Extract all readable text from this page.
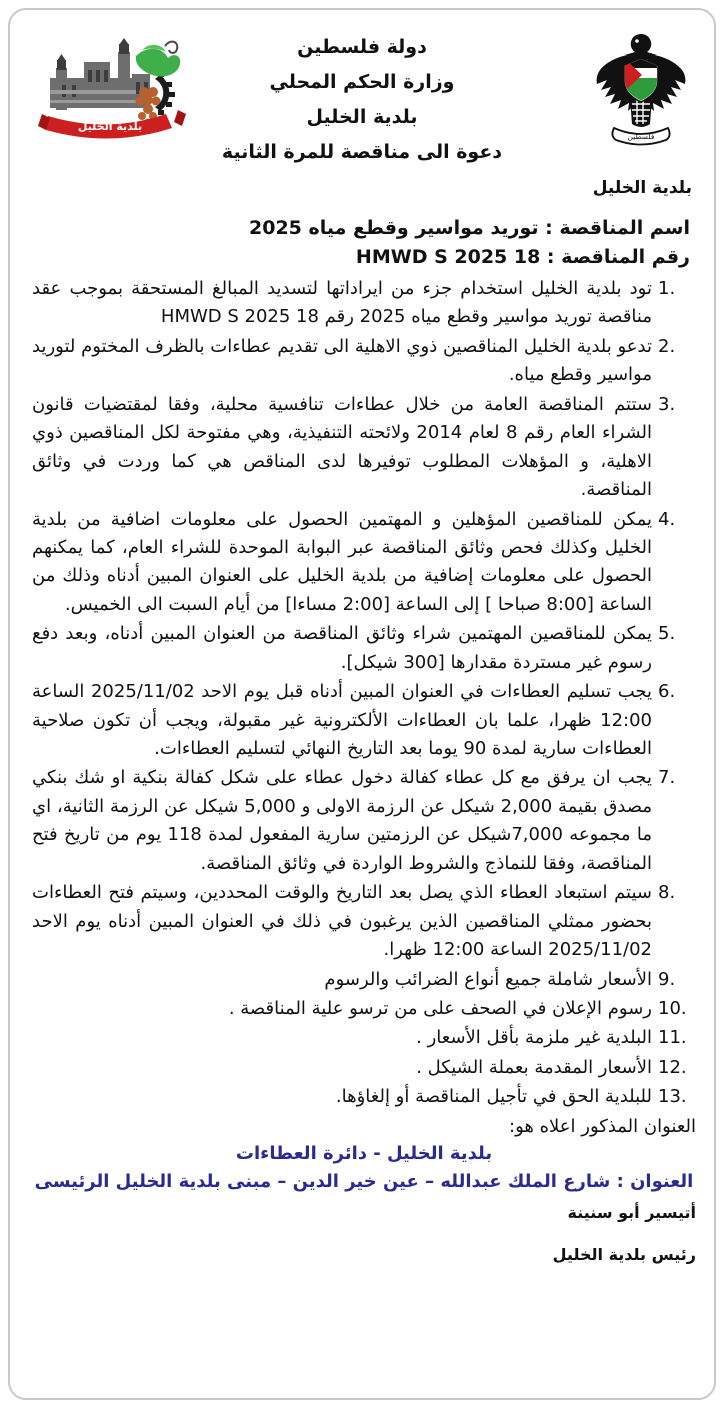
بلدية الخليل
فلسطين
دولة فلسطين
وزارة الحكم المحلي
بلدية الخليل
دعوة الى مناقصة للمرة الثانية
بلدية الخليل
اسم المناقصة : توريد مواسير وقطع مياه 2025
رقم المناقصة : HMWD S 2025 18
1.
تود بلدية الخليل استخدام جزء من ايراداتها لتسديد المبالغ المستحقة بموجب عقد مناقصة توريد مواسير وقطع مياه 2025 رقم HMWD S 2025 18
2.
تدعو بلدية الخليل المناقصين ذوي الاهلية الى تقديم عطاءات بالظرف المختوم لتوريد مواسير وقطع مياه.
3.
ستتم المناقصة العامة من خلال عطاءات تنافسية محلية، وفقا لمقتضيات قانون الشراء العام رقم 8 لعام 2014 ولائحته التنفيذية، وهي مفتوحة لكل المناقصين ذوي الاهلية، و المؤهلات المطلوب توفيرها لدى المناقص هي كما وردت في وثائق المناقصة.
4.
يمكن للمناقصين المؤهلين و المهتمين الحصول على معلومات اضافية من بلدية الخليل وكذلك فحص وثائق المناقصة عبر البوابة الموحدة للشراء العام، كما يمكنهم الحصول على معلومات إضافية من بلدية الخليل على العنوان المبين أدناه وذلك من الساعة [8:00 صباحا ] إلى الساعة [2:00 مساءا] من أيام السبت الى الخميس.
5.
يمكن للمناقصين المهتمين شراء وثائق المناقصة من العنوان المبين أدناه، وبعد دفع رسوم غير مستردة مقدارها [300 شيكل].
6.
يجب تسليم العطاءات في العنوان المبين أدناه قبل يوم الاحد 2025/11/02 الساعة 12:00 ظهرا، علما بان العطاءات الألكترونية غير مقبولة، ويجب أن تكون صلاحية العطاءات سارية لمدة 90 يوما بعد التاريخ النهائي لتسليم العطاءات.
7.
يجب ان يرفق مع كل عطاء كفالة دخول عطاء على شكل كفالة بنكية او شك بنكي مصدق بقيمة 2,000 شيكل عن الرزمة الاولى و 5,000 شيكل عن الرزمة الثانية، اي ما مجموعه 7,000شيكل عن الرزمتين سارية المفعول لمدة 118 يوم من تاريخ فتح المناقصة، وفقا للنماذج والشروط الواردة في وثائق المناقصة.
8.
سيتم استبعاد العطاء الذي يصل بعد التاريخ والوقت المحددين، وسيتم فتح العطاءات بحضور ممثلي المناقصين الذين يرغبون في ذلك في العنوان المبين أدناه يوم الاحد 2025/11/02 الساعة 12:00 ظهرا.
9.
الأسعار شاملة جميع أنواع الضرائب والرسوم
10.
رسوم الإعلان في الصحف على من ترسو علية المناقصة .
11.
البلدية غير ملزمة بأقل الأسعار .
12.
الأسعار المقدمة بعملة الشيكل .
13.
للبلدية الحق في تأجيل المناقصة أو إلغاؤها.
العنوان المذكور اعلاه هو:
بلدية الخليل - دائرة العطاءات
العنوان : شارع الملك عبدالله – عين خير الدين – مبنى بلدية الخليل الرئيسى
أتيسير أبو سنينة
رئيس بلدية الخليل
